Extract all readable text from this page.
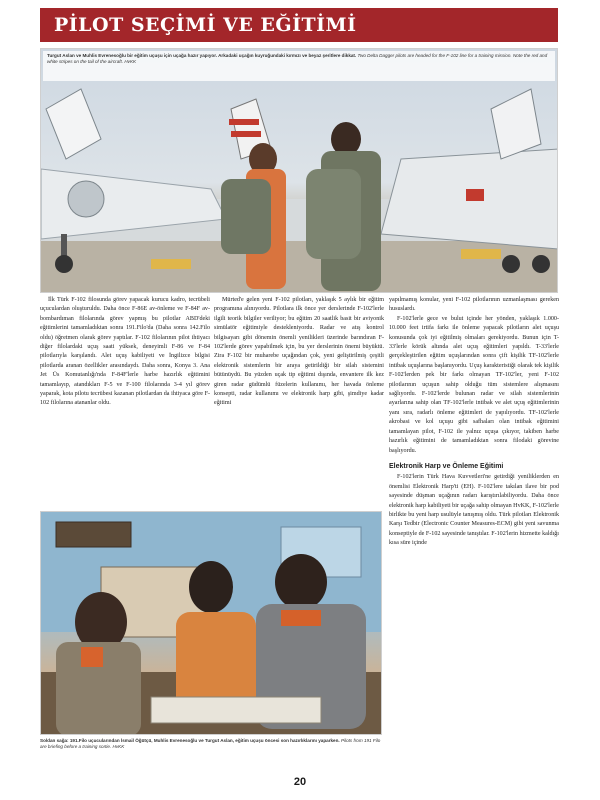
PİLOT SEÇİMİ VE EĞİTİMİ
Turgut Aslan ve Muhlis Evrenesoğlu bir eğitim uçuşu için uçağa hazır yapıyor. Arkadaki uçağın kuyruğundaki kırmızı ve beyaz şeritlere dikkat. Two Delta Dagger pilots are headed for the F-102 line for a training mission. Note the red and white stripes on the tail of the aircraft. HvKK

İlk Türk F-102 filosunda görev yapacak kurucu kadro, tecrübeli uçuculardan oluşturuldu. Daha önce F-86E av-önleme ve F-84F av-bombardıman filolarında görev yapmış bu pilotlar ABD'deki eğitimlerini tamamladıktan sonra 191.Filo'da (Daha sonra 142.Filo oldu) öğretmen olarak görev yaptılar. F-102 filolarının pilot ihtiyacı diğer filolardaki uçuş saati yüksek, deneyimli F-86 ve F-84 pilotlarıyla karşılandı. Alet uçuş kabiliyeti ve İngilizce bilgisi pilotlarda aranan özellikler arasındaydı. Daha sonra, Konya 3. Ana Jet Üs Komutanlığı'nda F-84F'lerle harbe hazırlık eğitimini tamamlayıp, atandıkları F-5 ve F-100 filolarında 3-4 yıl görev yaparak, kota pilotu tecrübesi kazanan pilotlardan da ihtiyaca göre F-102 filolarına atananlar oldu.

Mürted'e gelen yeni F-102 pilotları, yaklaşık 5 aylık bir eğitim programına alınıyordu. Pilotlara ilk önce yer derslerinde F-102'lerle ilgili teorik bilgiler veriliyor; bu eğitim 20 saatlik basit bir aviyonik simülatör eğitimiyle destekleniyordu. Radar ve atış kontrol bilgisayarı gibi dönemin önemli yenilikleri üzerinde barındıran F-102'lerde görev yapabilmek için, bu yer derslerinin önemi büyüktü. Zira F-102 bir muharebe uçağından çok, yeni geliştirilmiş çeşitli elektronik sistemlerin bir araya getirildiği bir silah sistemini bütünüydü. Bu yüzden uçak tip eğitimi dışında, envantere ilk kez giren radar güdümlü füzelerin kullanımı, her havada önleme konsepti, radar kullanımı ve elektronik harp gibi, şimdiye kadar eğitimi

yapılmamış konular, yeni F-102 pilotlarının uzmanlaşması gereken hususlardı.

F-102'lerle gece ve bulut içinde her yönden, yaklaşık 1.000-10.000 feet irtifa farkı ile önleme yapacak pilotların alet uçuşu konusunda çok iyi eğitilmiş olmaları gerekiyordu. Bunun için T-33'lerle körük altında alet uçuş eğitimleri yapıldı. T-33'lerle gerçekleştirilen eğitim uçuşlarından sonra çift kişilik TF-102'lerle intibak uçuşlarına başlanıyordu. Uçuş karakteristiği olarak tek kişilik F-102'lerden pek bir farkı olmayan TF-102'ler, yeni F-102 pilotlarının uçuşun sahip olduğu tüm sistemlere alışmasını sağlıyordu. F-102'lerde bulunan radar ve silah sistemlerinin ayarlarına sahip olan TF-102'lerle intibak ve alet uçuş eğitimlerinin yanı sıra, radarlı önleme eğitimleri de yapılıyordu. TF-102'lerle akrobasi ve kol uçuşu gibi safhaları olan intibak eğitimini tamamlayan pilot, F-102 ile yalnız uçuşa çıkıyor, takiben harbe hazırlık eğitimini de tamamladıktan sonra filodaki görevine başlıyordu.

Elektronik Harp ve Önleme Eğitimi

F-102'lerin Türk Hava Kuvvetleri'ne getirdiği yeniliklerden en önemlisi Elektronik Harp'ti (EH). F-102'lere takılan ilave bir pod sayesinde düşman uçağının radarı karıştırılabiliyordu. Daha önce elektronik harp kabiliyeti bir uçağa sahip olmayan HvKK, F-102'lerle birlikte bu yeni harp usulüyle tanışmış oldu. Türk pilotları Elektronik Karşı Tedbir (Electronic Counter Measures-ECM) gibi yeni savunma konseptiyle de F-102 sayesinde tanıştılar. F-102'lerin hizmette kaldığı kısa süre içinde

Soldan sağa: 191.Filo uçucularından İsmail Öğütçü, Muhlis Evrenesoğlu ve Turgut Aslan, eğitim uçuşu öncesi son hazırlıklarını yaparken. Pilots from 191 Filo are briefing before a training sortie. HvKK
20
